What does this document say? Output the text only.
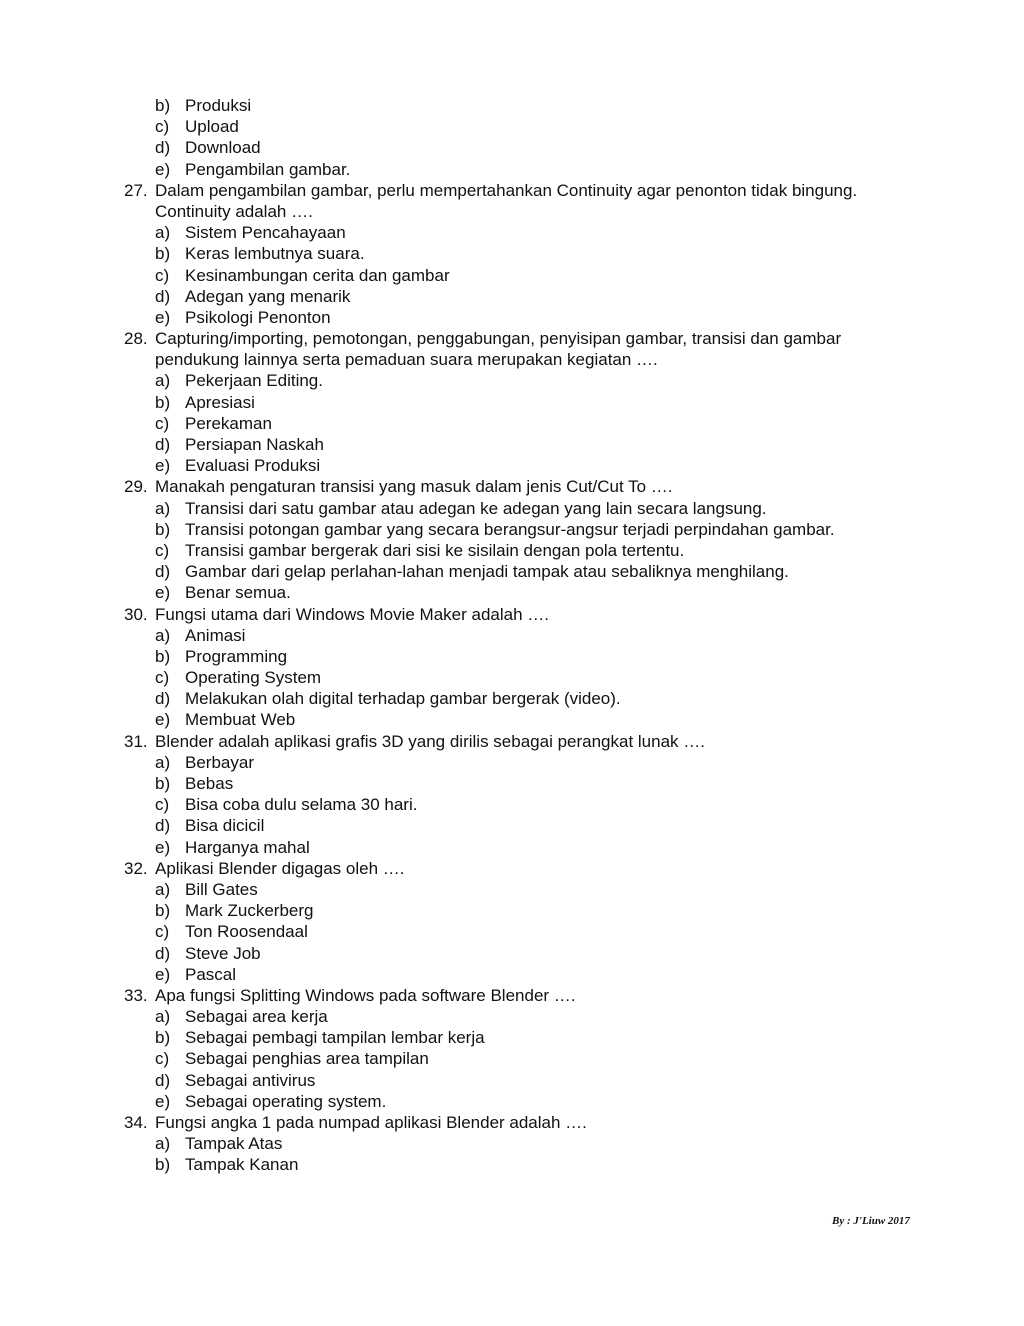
b) Produksi
c) Upload
d) Download
e) Pengambilan gambar.
27. Dalam pengambilan gambar, perlu mempertahankan Continuity agar penonton tidak bingung.
Continuity adalah ….
a) Sistem Pencahayaan
b) Keras lembutnya suara.
c) Kesinambungan cerita dan gambar
d) Adegan yang menarik
e) Psikologi Penonton
28. Capturing/importing, pemotongan, penggabungan, penyisipan gambar, transisi dan gambar
pendukung lainnya serta pemaduan suara merupakan kegiatan ….
a) Pekerjaan Editing.
b) Apresiasi
c) Perekaman
d) Persiapan Naskah
e) Evaluasi Produksi
29. Manakah pengaturan transisi yang masuk dalam jenis Cut/Cut To ….
a) Transisi dari satu gambar atau adegan ke adegan yang lain secara langsung.
b) Transisi potongan gambar yang secara berangsur-angsur terjadi perpindahan gambar.
c) Transisi gambar bergerak dari sisi ke sisilain dengan pola tertentu.
d) Gambar dari gelap perlahan-lahan menjadi tampak atau sebaliknya menghilang.
e) Benar semua.
30. Fungsi utama dari Windows Movie Maker adalah ….
a) Animasi
b) Programming
c) Operating System
d) Melakukan olah digital terhadap gambar bergerak (video).
e) Membuat Web
31. Blender adalah aplikasi grafis 3D yang dirilis sebagai perangkat lunak ….
a) Berbayar
b) Bebas
c) Bisa coba dulu selama 30 hari.
d) Bisa dicicil
e) Harganya mahal
32. Aplikasi Blender digagas oleh ….
a) Bill Gates
b) Mark Zuckerberg
c) Ton Roosendaal
d) Steve Job
e) Pascal
33. Apa fungsi Splitting Windows pada software Blender ….
a) Sebagai area kerja
b) Sebagai pembagi tampilan lembar kerja
c) Sebagai penghias area tampilan
d) Sebagai antivirus
e) Sebagai operating system.
34. Fungsi angka 1 pada numpad aplikasi Blender adalah ….
a) Tampak Atas
b) Tampak Kanan
By : J'Liuw 2017
